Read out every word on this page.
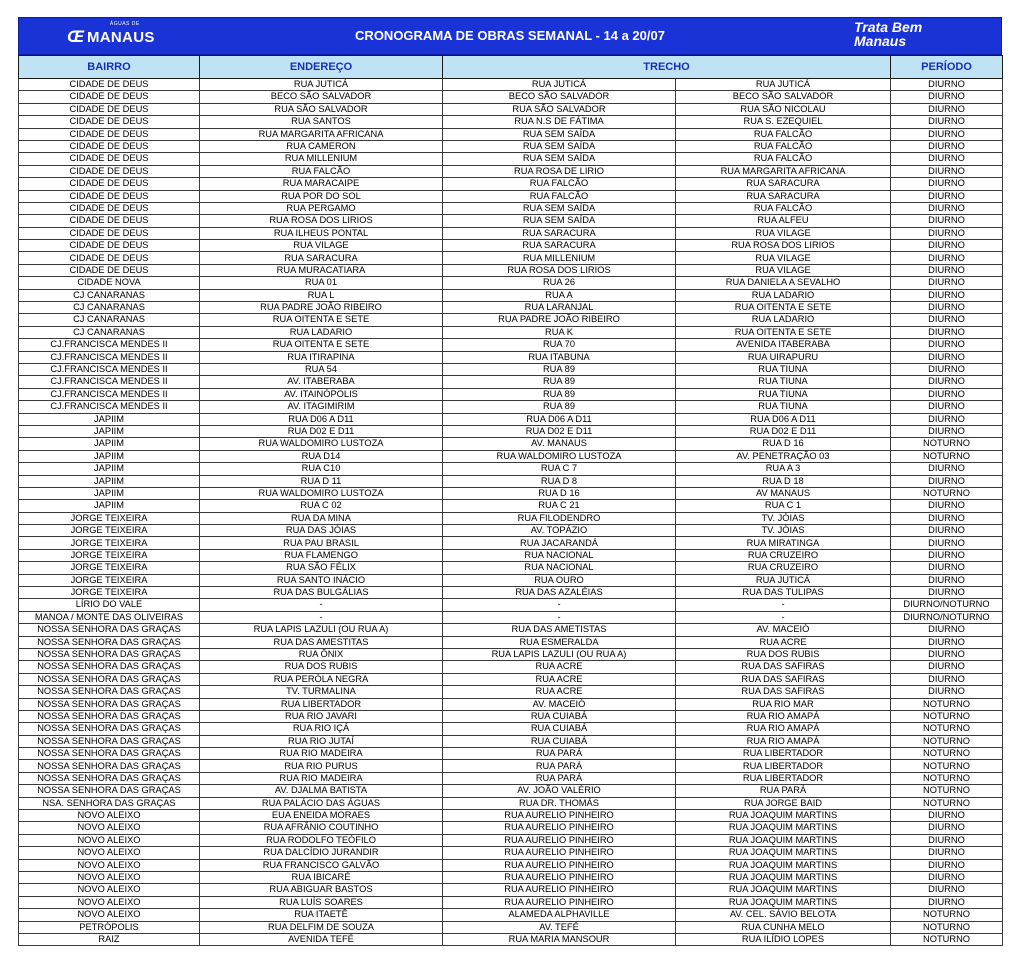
ÁGUAS DE
Œ MANAUS	CRONOGRAMA DE OBRAS SEMANAL - 14 a 20/07
Trata Bem
Manaus
BAIRRO	ENDEREÇO	TRECHO		PERÍODO
CIDADE DE DEUS	RUA JUTICÁ	RUA JUTICÁ	RUA JUTICÁ	DIURNO
CIDADE DE DEUS	BECO SÃO SALVADOR	BECO SÃO SALVADOR	BECO SÃO SALVADOR	DIURNO
CIDADE DE DEUS	RUA SÃO SALVADOR	RUA SÃO SALVADOR	RUA SÃO NICOLAU	DIURNO
CIDADE DE DEUS	RUA SANTOS	RUA N.S DE FÁTIMA	RUA S. EZEQUIEL	DIURNO
CIDADE DE DEUS	RUA MARGARITA AFRICANA	RUA SEM SAÍDA	RUA FALCÃO	DIURNO
CIDADE DE DEUS	RUA CAMERON	RUA SEM SAÍDA	RUA FALCÃO	DIURNO
CIDADE DE DEUS	RUA MILLENIUM	RUA SEM SAÍDA	RUA FALCÃO	DIURNO
CIDADE DE DEUS	RUA FALCÃO	RUA ROSA DE LIRIO	RUA MARGARITA AFRICANA	DIURNO
CIDADE DE DEUS	RUA MARACAIPE	RUA FALCÃO	RUA SARACURA	DIURNO
CIDADE DE DEUS	RUA POR DO SOL	RUA FALCÃO	RUA SARACURA	DIURNO
CIDADE DE DEUS	RUA PERGAMO	RUA SEM SAÍDA	RUA FALCÃO	DIURNO
CIDADE DE DEUS	RUA ROSA DOS LIRIOS	RUA SEM SAÍDA	RUA ALFEU	DIURNO
CIDADE DE DEUS	RUA ILHEUS PONTAL	RUA SARACURA	RUA VILAGE	DIURNO
CIDADE DE DEUS	RUA VILAGE	RUA SARACURA	RUA ROSA DOS LIRIOS	DIURNO
CIDADE DE DEUS	RUA SARACURA	RUA MILLENIUM	RUA VILAGE	DIURNO
CIDADE DE DEUS	RUA MURACATIARA	RUA ROSA DOS LIRIOS	RUA VILAGE	DIURNO
CIDADE NOVA	RUA 01	RUA 26	RUA DANIELA A SEVALHO	DIURNO
CJ CANARANAS	RUA L	RUA A	RUA LADARIO	DIURNO
CJ CANARANAS	RUA PADRE JOÃO RIBEIRO	RUA LARANJAL	RUA OITENTA E SETE	DIURNO
CJ CANARANAS	RUA OITENTA E SETE	RUA PADRE JOÃO RIBEIRO	RUA LADARIO	DIURNO
CJ CANARANAS	RUA LADARIO	RUA K	RUA OITENTA E SETE	DIURNO
CJ.FRANCISCA MENDES II	RUA OITENTA E SETE	RUA 70	AVENIDA ITABERABA	DIURNO
CJ.FRANCISCA MENDES II	RUA ITIRAPINA	RUA ITABUNA	RUA UIRAPURU	DIURNO
CJ.FRANCISCA MENDES II	RUA 54	RUA 89	RUA TIUNA	DIURNO
CJ.FRANCISCA MENDES II	AV. ITABERABA	RUA 89	RUA TIUNA	DIURNO
CJ.FRANCISCA MENDES II	AV. ITAINÓPOLIS	RUA 89	RUA TIUNA	DIURNO
CJ.FRANCISCA MENDES II	AV. ITAGIMIRIM	RUA 89	RUA TIUNA	DIURNO
JAPIIM	RUA D06 A D11	RUA D06 A D11	RUA D06 A D11	DIURNO
JAPIIM	RUA D02 E D11	RUA D02 E D11	RUA D02 E D11	DIURNO
JAPIIM	RUA WALDOMIRO LUSTOZA	AV. MANAUS	RUA D 16	NOTURNO
JAPIIM	RUA D14	RUA WALDOMIRO LUSTOZA	AV. PENETRAÇÃO 03	NOTURNO
JAPIIM	RUA C10	RUA C 7	RUA A 3	DIURNO
JAPIIM	RUA D 11	RUA D 8	RUA D 18	DIURNO
JAPIIM	RUA WALDOMIRO LUSTOZA	RUA D 16	AV MANAUS	NOTURNO
JAPIIM	RUA C 02	RUA C 21	RUA C 1	DIURNO
JORGE TEIXEIRA	RUA DA MINA	RUA FILODENDRO	TV. JÓIAS	DIURNO
JORGE TEIXEIRA	RUA DAS JÓIAS	AV. TOPÁZIO	TV. JÓIAS	DIURNO
JORGE TEIXEIRA	RUA PAU BRASIL	RUA JACARANDÁ	RUA MIRATINGA	DIURNO
JORGE TEIXEIRA	RUA FLAMENGO	RUA NACIONAL	RUA CRUZEIRO	DIURNO
JORGE TEIXEIRA	RUA SÃO FÉLIX	RUA NACIONAL	RUA CRUZEIRO	DIURNO
JORGE TEIXEIRA	RUA SANTO INÁCIO	RUA OURO	RUA JUTICÁ	DIURNO
JORGE TEIXEIRA	RUA DAS BULGÁLIAS	RUA DAS AZALÉIAS	RUA DAS TULIPAS	DIURNO
LÍRIO DO VALE	-	-	-	DIURNO/NOTURNO
MANOA / MONTE DAS OLIVEIRAS	-	-	-	DIURNO/NOTURNO
NOSSA SENHORA DAS GRAÇAS	RUA LAPIS LAZULI (OU RUA A)	RUA DAS AMETISTAS	AV. MACEIÓ	DIURNO
NOSSA SENHORA DAS GRAÇAS	RUA DAS AMESTITAS	RUA ESMERALDA	RUA ACRE	DIURNO
NOSSA SENHORA DAS GRAÇAS	RUA ÔNIX	RUA LAPIS LAZULI (OU RUA A)	RUA DOS RUBIS	DIURNO
NOSSA SENHORA DAS GRAÇAS	RUA DOS RUBIS	RUA ACRE	RUA DAS SAFIRAS	DIURNO
NOSSA SENHORA DAS GRAÇAS	RUA PERÓLA NEGRA	RUA ACRE	RUA DAS SAFIRAS	DIURNO
NOSSA SENHORA DAS GRAÇAS	TV. TURMALINA	RUA ACRE	RUA DAS SAFIRAS	DIURNO
NOSSA SENHORA DAS GRAÇAS	RUA LIBERTADOR	AV. MACEIÓ	RUA RIO MAR	NOTURNO
NOSSA SENHORA DAS GRAÇAS	RUA RIO JAVARI	RUA CUIABÁ	RUA RIO AMAPÁ	NOTURNO
NOSSA SENHORA DAS GRAÇAS	RUA RIO IÇÁ	RUA CUIABÁ	RUA RIO AMAPÁ	NOTURNO
NOSSA SENHORA DAS GRAÇAS	RUA RIO JUTAÍ	RUA CUIABÁ	RUA RIO AMAPÁ	NOTURNO
NOSSA SENHORA DAS GRAÇAS	RUA RIO MADEIRA	RUA PARÁ	RUA LIBERTADOR	NOTURNO
NOSSA SENHORA DAS GRAÇAS	RUA RIO PURUS	RUA PARÁ	RUA LIBERTADOR	NOTURNO
NOSSA SENHORA DAS GRAÇAS	RUA RIO MADEIRA	RUA PARÁ	RUA LIBERTADOR	NOTURNO
NOSSA SENHORA DAS GRAÇAS	AV. DJALMA BATISTA	AV. JOÃO VALÉRIO	RUA PARÁ	NOTURNO
NSA. SENHORA DAS GRAÇAS	RUA PALÁCIO DAS ÁGUAS	RUA DR. THOMÁS	RUA JORGE BAID	NOTURNO
NOVO ALEIXO	EUA ENEIDA MORAES	RUA AURELIO PINHEIRO	RUA JOAQUIM MARTINS	DIURNO
NOVO ALEIXO	RUA AFRÂNIO COUTINHO	RUA AURELIO PINHEIRO	RUA JOAQUIM MARTINS	DIURNO
NOVO ALEIXO	RUA RODOLFO TEÓFILO	RUA AURELIO PINHEIRO	RUA JOAQUIM MARTINS	DIURNO
NOVO ALEIXO	RUA DALCÍDIO JURANDIR	RUA AURELIO PINHEIRO	RUA JOAQUIM MARTINS	DIURNO
NOVO ALEIXO	RUA FRANCISCO GALVÃO	RUA AURELIO PINHEIRO	RUA JOAQUIM MARTINS	DIURNO
NOVO ALEIXO	RUA IBICARÉ	RUA AURELIO PINHEIRO	RUA JOAQUIM MARTINS	DIURNO
NOVO ALEIXO	RUA ABIGUAR BASTOS	RUA AURELIO PINHEIRO	RUA JOAQUIM MARTINS	DIURNO
NOVO ALEIXO	RUA LUÍS SOARES	RUA AURELIO PINHEIRO	RUA JOAQUIM MARTINS	DIURNO
NOVO ALEIXO	RUA ITAETÊ	ALAMEDA ALPHAVILLE	AV. CEL. SÁVIO BELOTA	NOTURNO
PETRÓPOLIS	RUA DELFIM DE SOUZA	AV. TEFÉ	RUA CUNHA MELO	NOTURNO
RAIZ	AVENIDA TEFÉ	RUA MARIA MANSOUR	RUA ILÍDIO LOPES	NOTURNO
